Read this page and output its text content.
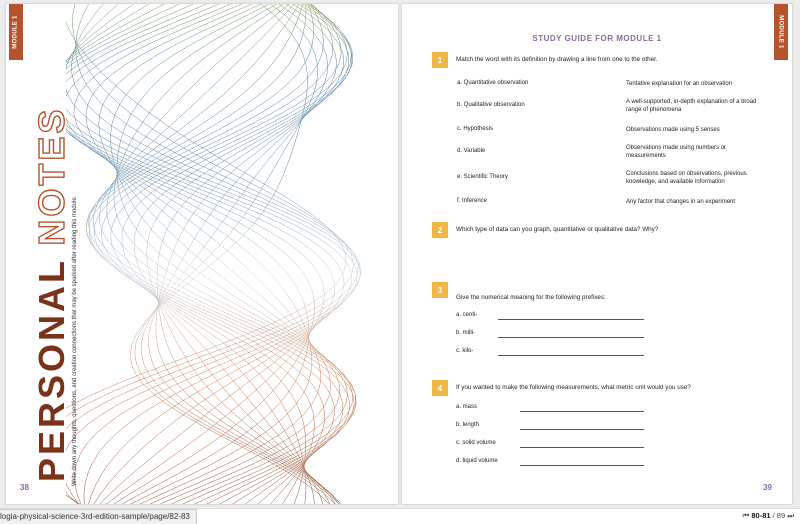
MODULE 1
PERSONAL NOTES
Write down any thoughts, questions, and creation connections that may be sparked after reading this module.
38
MODULE 1
STUDY GUIDE FOR MODULE 1
1	Match the word with its definition by drawing a line from one to the other.
a. Quantitative observation	Tentative explanation for an observation
b. Qualitative observation	A well-supported, in-depth explanation of a broad range of phenomena
c. Hypothesis	Observations made using 5 senses
d. Variable	Observations made using numbers or measurements
e. Scientific Theory	Conclusions based on observations, previous knowledge, and available information
f. Inference	Any factor that changes in an experiment
2	Which type of data can you graph, quantitative or qualitative data? Why?
3
Give the numerical meaning for the following prefixes:
a. centi-
b. milli-
c. kilo-
4	If you wanted to make the following measurements, what metric unit would you use?
a. mass
b. length
c. solid volume
d. liquid volume
39
logia-physical-science-3rd-edition-sample/page/82-83	⏮ 80-81 / 89 ⏭
